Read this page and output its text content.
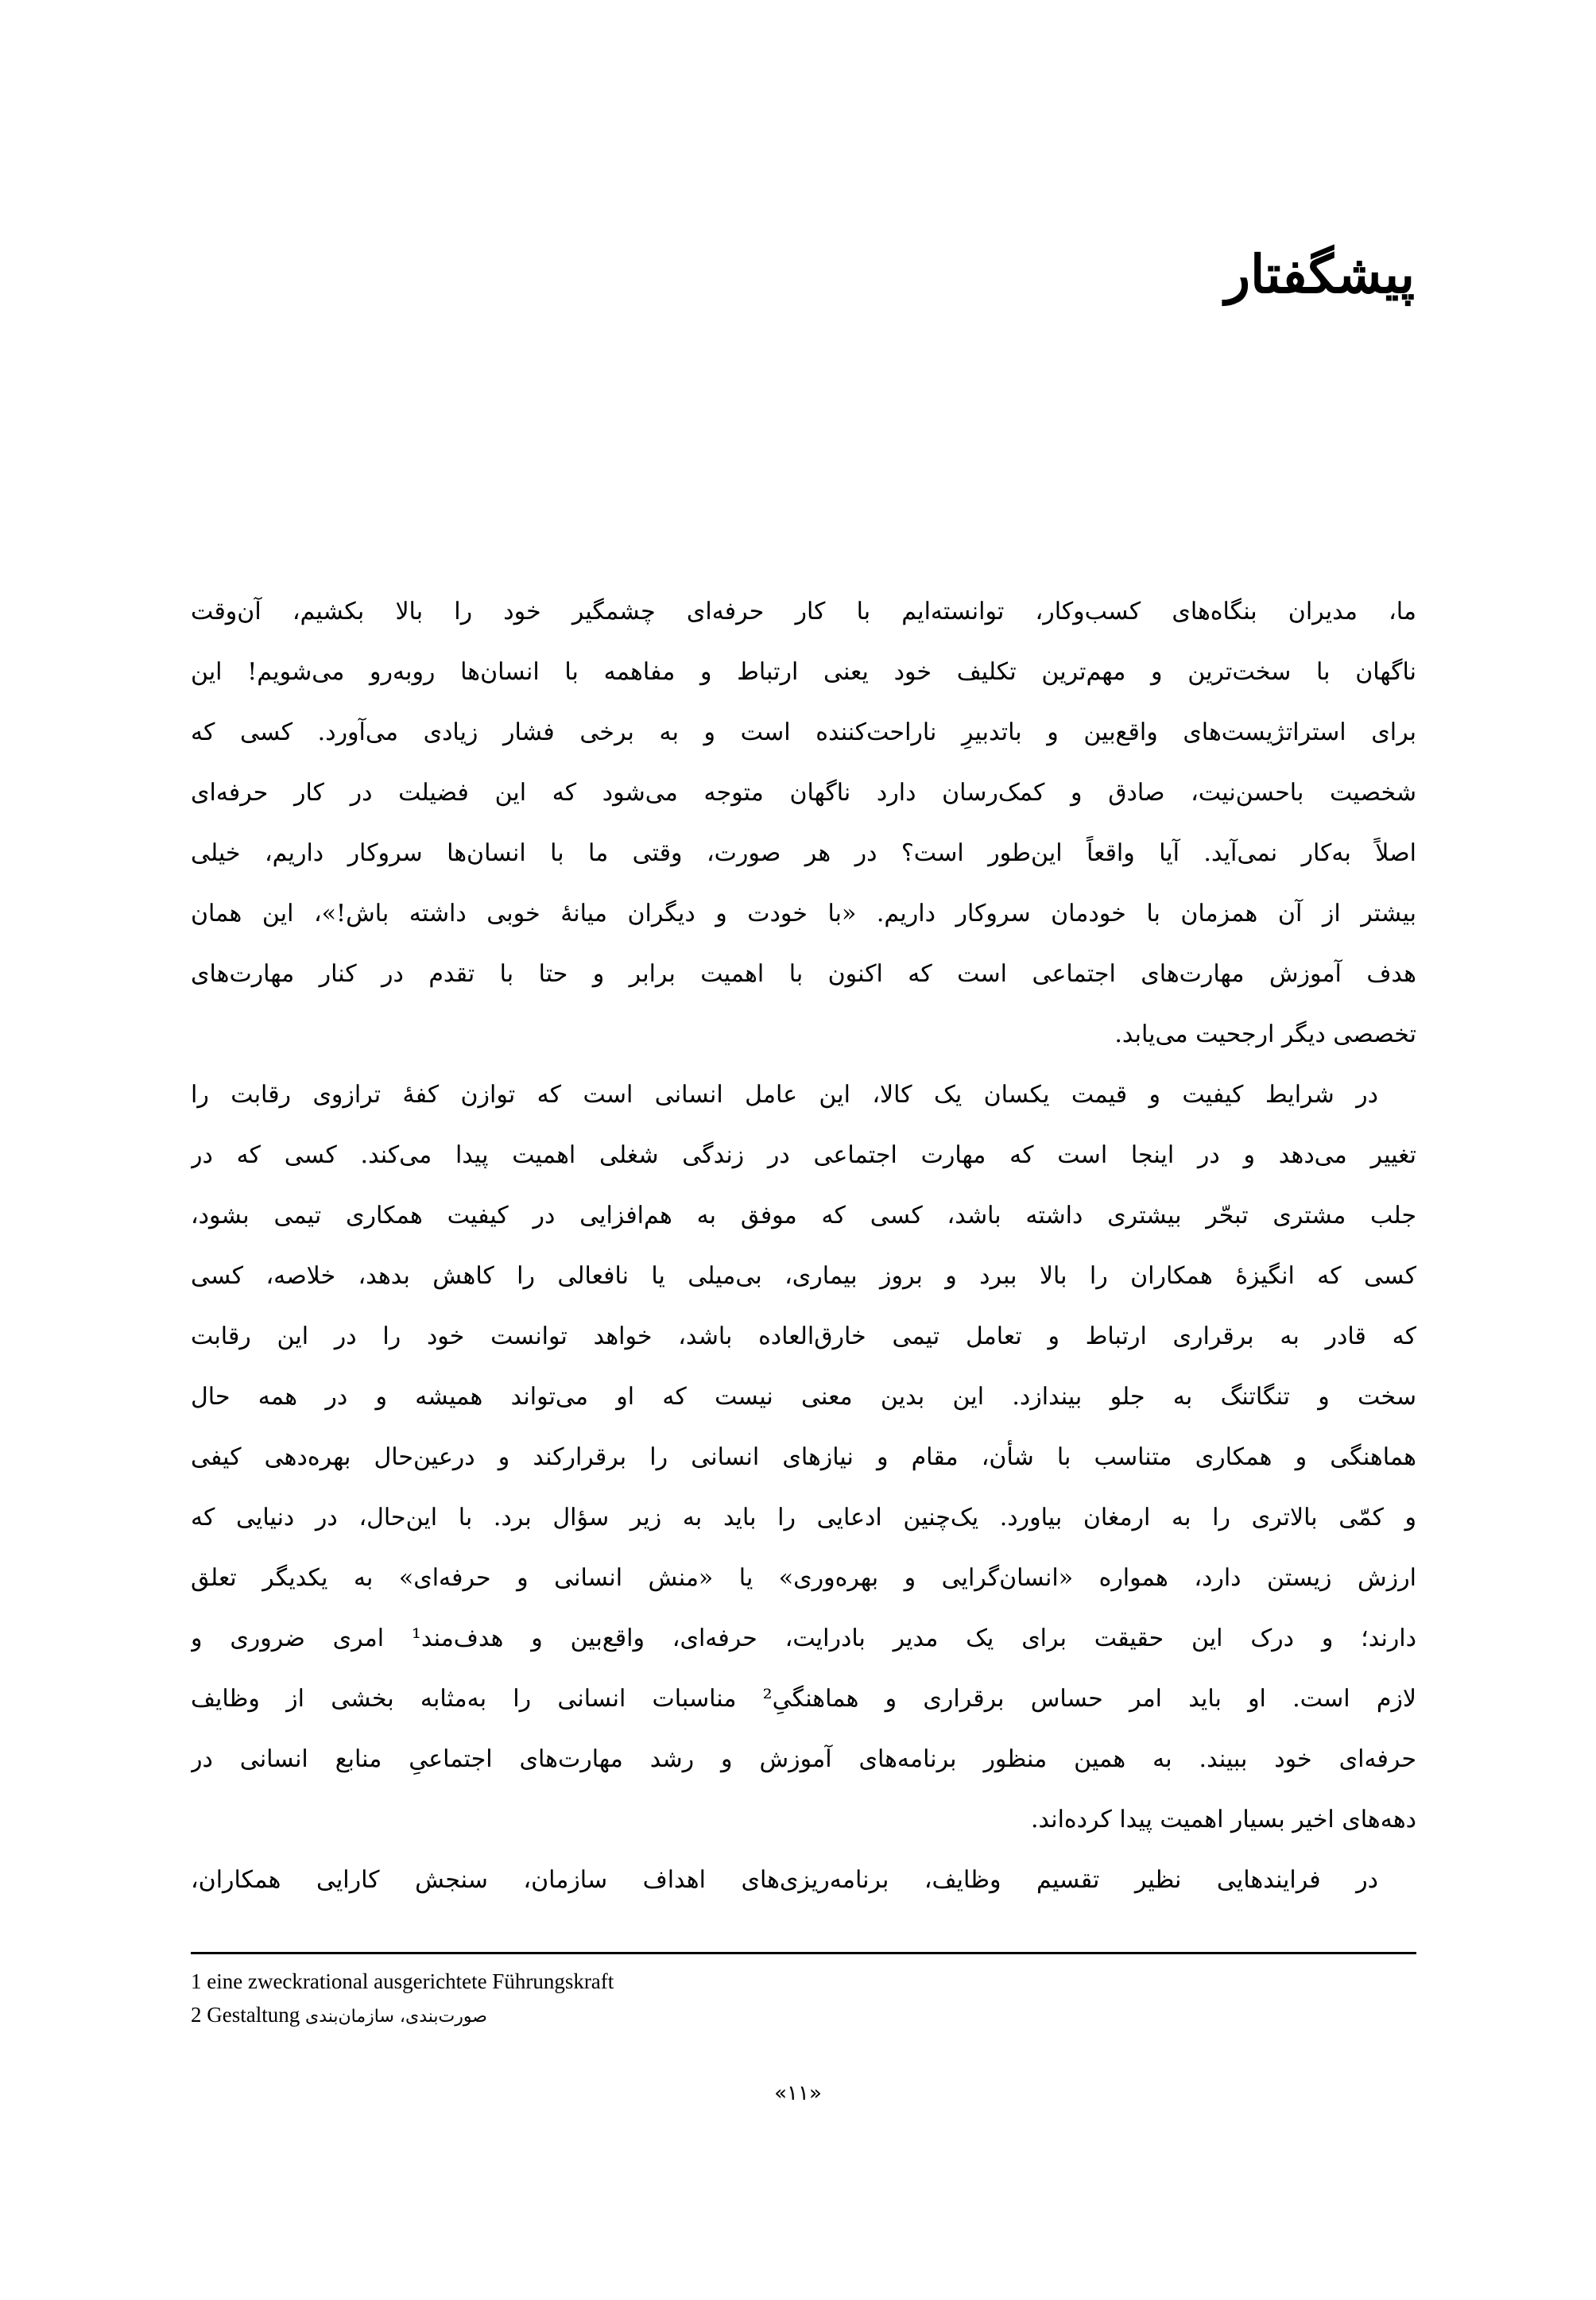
پیشگفتار
ما، مدیران بنگاه‌های کسب‌وکار، توانسته‌ایم با کار حرفه‌ای چشمگیر خود را بالا بکشیم، آن‌وقت
ناگهان با سخت‌ترین و مهم‌ترین تکلیف خود یعنی ارتباط و مفاهمه با انسان‌ها روبه‌رو می‌شویم! این
برای استراتژیست‌های واقع‌بین و باتدبیرِ ناراحت‌کننده است و به برخی فشار زیادی می‌آورد. کسی که
شخصیت باحسن‌نیت، صادق و کمک‌رسان دارد ناگهان متوجه می‌شود که این فضیلت در کار حرفه‌ای
اصلاً به‌کار نمی‌آید. آیا واقعاً این‌طور است؟ در هر صورت، وقتی ما با انسان‌ها سروکار داریم، خیلی
بیشتر از آن همزمان با خودمان سروکار داریم. «با خودت و دیگران میانهٔ خوبی داشته باش!»، این همان
هدف آموزش مهارت‌های اجتماعی است که اکنون با اهمیت برابر و حتا با تقدم در کنار مهارت‌های
تخصصی دیگر ارجحیت می‌یابد.
در شرایط کیفیت و قیمت یکسان یک کالا، این عامل انسانی است که توازن کفهٔ ترازوی رقابت را
تغییر می‌دهد و در اینجا است که مهارت اجتماعی در زندگی شغلی اهمیت پیدا می‌کند. کسی که در
جلب مشتری تبحّر بیشتری داشته باشد، کسی که موفق به هم‌افزایی در کیفیت همکاری تیمی بشود،
کسی که انگیزهٔ همکاران را بالا ببرد و بروز بیماری، بی‌میلی یا نافعالی را کاهش بدهد، خلاصه، کسی
که قادر به برقراری ارتباط و تعامل تیمی خارق‌العاده باشد، خواهد توانست خود را در این رقابت
سخت و تنگاتنگ به جلو بیندازد. این بدین معنی نیست که او می‌تواند همیشه و در همه حال
هماهنگی و همکاری متناسب با شأن، مقام و نیازهای انسانی را برقرارکند و درعین‌حال بهره‌دهی کیفی
و کمّی بالاتری را به ارمغان بیاورد. یک‌چنین ادعایی را باید به زیر سؤال برد. با این‌حال، در دنیایی که
ارزش زیستن دارد، همواره «انسان‌گرایی و بهره‌وری» یا «منش انسانی و حرفه‌ای» به یکدیگر تعلق
دارند؛ و درک این حقیقت برای یک مدیر بادرایت، حرفه‌ای، واقع‌بین و هدف‌مند¹ امری ضروری و
لازم است. او باید امر حساس برقراری و هماهنگیِ² مناسبات انسانی را به‌مثابه بخشی از وظایف
حرفه‌ای خود ببیند. به همین منظور برنامه‌های آموزش و رشد مهارت‌های اجتماعیِ منابع انسانی در
دهه‌های اخیر بسیار اهمیت پیدا کرده‌اند.
در فرایندهایی نظیر تقسیم وظایف، برنامه‌ریزی‌های اهداف سازمان، سنجش کارایی همکاران،
1 eine zweckrational ausgerichtete Führungskraft
2 Gestaltung صورت‌بندی، سازمان‌بندی
«۱۱»
